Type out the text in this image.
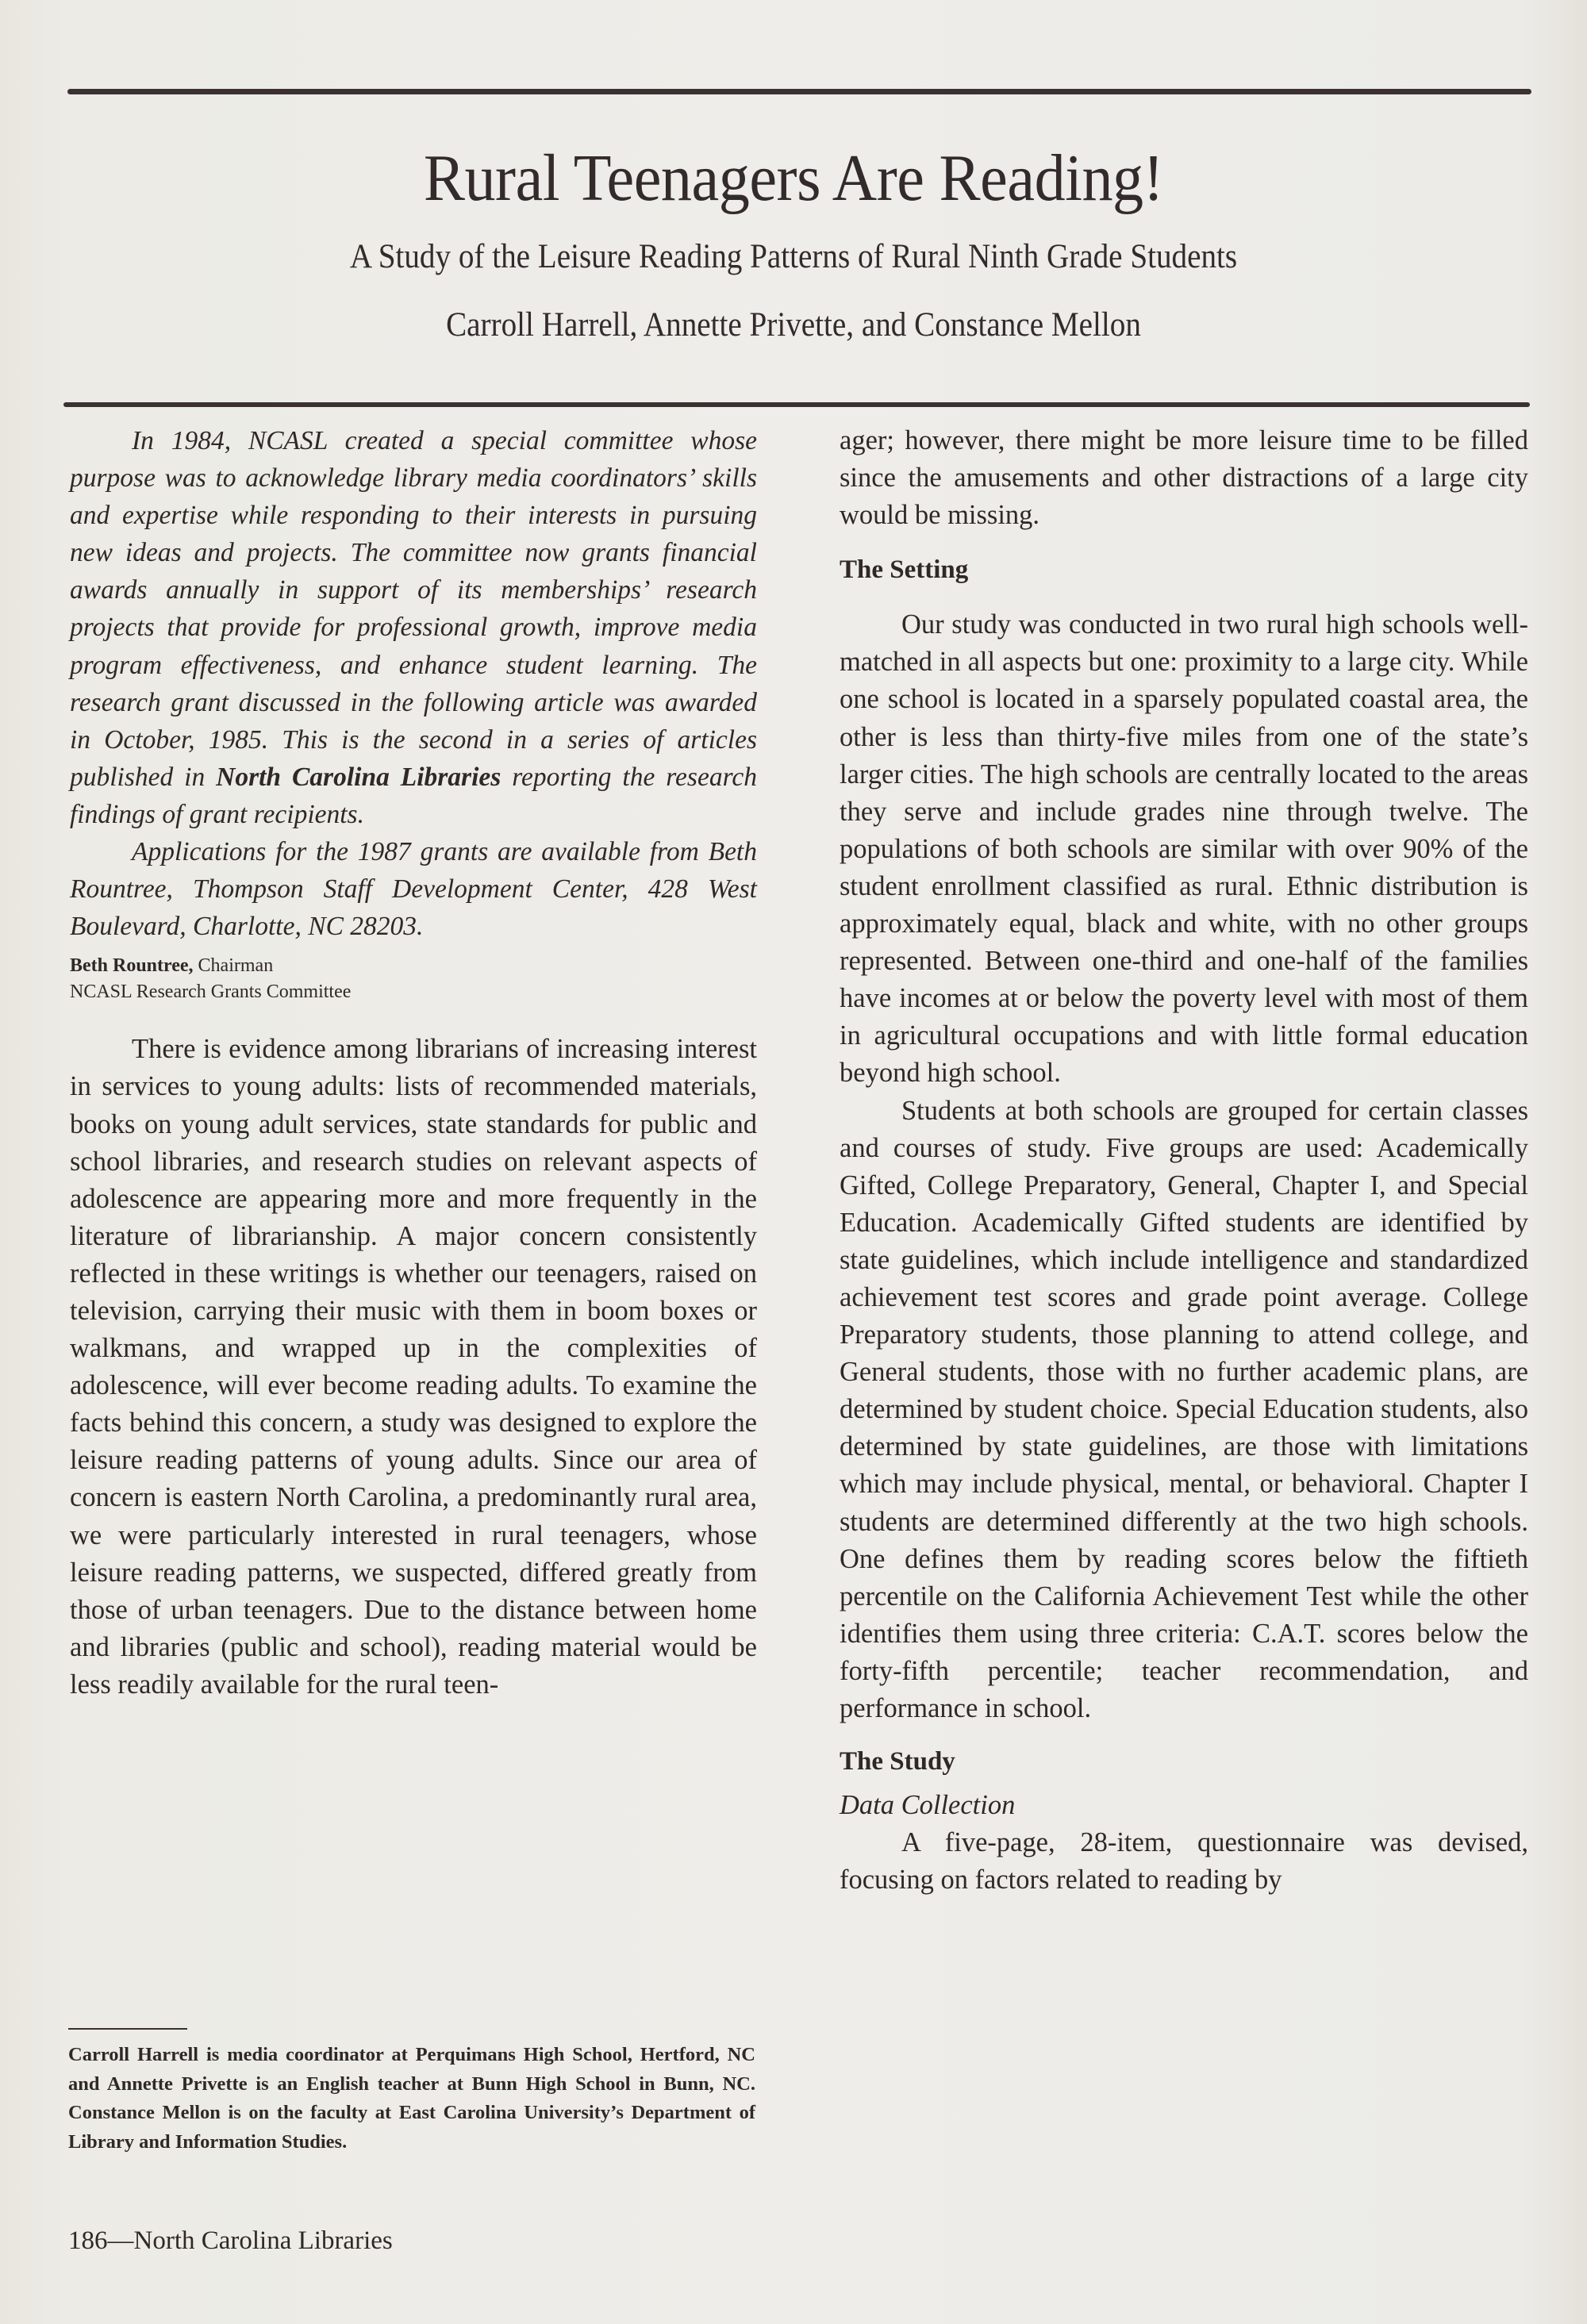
Rural Teenagers Are Reading!
A Study of the Leisure Reading Patterns of Rural Ninth Grade Students
Carroll Harrell, Annette Privette, and Constance Mellon

In 1984, NCASL created a special committee whose purpose was to acknowledge library media coordinators’ skills and expertise while responding to their interests in pursuing new ideas and projects. The committee now grants financial awards annually in support of its memberships’ research projects that provide for professional growth, improve media program effectiveness, and enhance student learning. The research grant discussed in the following article was awarded in October, 1985. This is the second in a series of articles published in North Carolina Libraries reporting the research findings of grant recipients.

Applications for the 1987 grants are available from Beth Rountree, Thompson Staff Development Center, 428 West Boulevard, Charlotte, NC 28203.

Beth Rountree, Chairman

NCASL Research Grants Committee

There is evidence among librarians of increasing interest in services to young adults: lists of recommended materials, books on young adult services, state standards for public and school libraries, and research studies on relevant aspects of adolescence are appearing more and more frequently in the literature of librarianship. A major concern consistently reflected in these writings is whether our teenagers, raised on television, carrying their music with them in boom boxes or walkmans, and wrapped up in the complexities of adolescence, will ever become reading adults. To examine the facts behind this concern, a study was designed to explore the leisure reading patterns of young adults. Since our area of concern is eastern North Carolina, a predominantly rural area, we were particularly interested in rural teenagers, whose leisure reading patterns, we suspected, differed greatly from those of urban teenagers. Due to the distance between home and libraries (public and school), reading material would be less readily available for the rural teen-

ager; however, there might be more leisure time to be filled since the amusements and other distractions of a large city would be missing.

The Setting

Our study was conducted in two rural high schools well-matched in all aspects but one: proximity to a large city. While one school is located in a sparsely populated coastal area, the other is less than thirty-five miles from one of the state’s larger cities. The high schools are centrally located to the areas they serve and include grades nine through twelve. The populations of both schools are similar with over 90% of the student enrollment classified as rural. Ethnic distribution is approximately equal, black and white, with no other groups represented. Between one-third and one-half of the families have incomes at or below the poverty level with most of them in agricultural occupations and with little formal education beyond high school.

Students at both schools are grouped for certain classes and courses of study. Five groups are used: Academically Gifted, College Preparatory, General, Chapter I, and Special Education. Academically Gifted students are identified by state guidelines, which include intelligence and standardized achievement test scores and grade point average. College Preparatory students, those planning to attend college, and General students, those with no further academic plans, are determined by student choice. Special Education students, also determined by state guidelines, are those with limitations which may include physical, mental, or behavioral. Chapter I students are determined differently at the two high schools. One defines them by reading scores below the fiftieth percentile on the California Achievement Test while the other identifies them using three criteria: C.A.T. scores below the forty-fifth percentile; teacher recommendation, and performance in school.

The Study

Data Collection

A five-page, 28-item, questionnaire was devised, focusing on factors related to reading by

Carroll Harrell is media coordinator at Perquimans High School, Hertford, NC and Annette Privette is an English teacher at Bunn High School in Bunn, NC. Constance Mellon is on the faculty at East Carolina University’s Department of Library and Information Studies.
186—North Carolina Libraries
